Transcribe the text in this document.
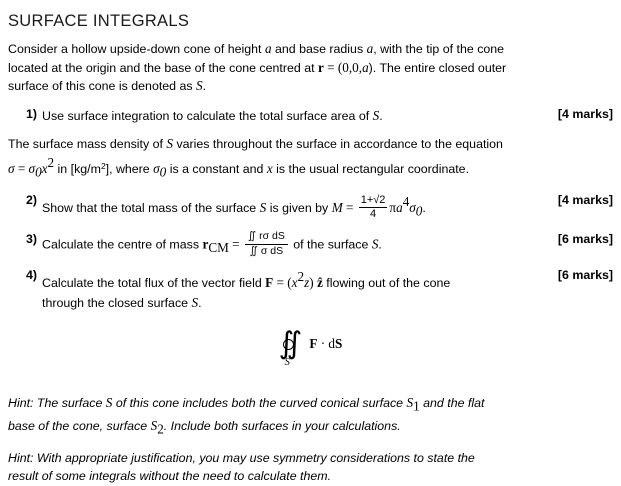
SURFACE INTEGRALS
Consider a hollow upside-down cone of height a and base radius a, with the tip of the cone
located at the origin and the base of the cone centred at r = (0,0,a). The entire closed outer
surface of this cone is denoted as S.
1) Use surface integration to calculate the total surface area of S.	[4 marks]
The surface mass density of S varies throughout the surface in accordance to the equation
$\sigma = \sigma_0x^2$ in $[kg/m^2]$, where $\sigma_0$ is a constant and x is the usual rectangular coordinate.
2)
Show that the total mass of the surface S is given by $M = \frac{1+√2}{4} \pi a^4\sigma_0$.
[4 marks]
3) Calculate the centre of mass $r_{CM} = \frac{\text{∬ rσ dS}}{\text{∬ σ dS}}$ of the surface S.	[6 marks]
4)
Calculate the total flux of the vector field $F = (x^2z)$ ẑ flowing out of the cone
through the closed surface S.
[6 marks]
∬ F · dS
S
Hint: The surface S of this cone includes both the curved conical surface $S_1$ and the flat
base of the cone, surface $S_2$. Include both surfaces in your calculations.
Hint: With appropriate justification, you may use symmetry considerations to state the
result of some integrals without the need to calculate them.
